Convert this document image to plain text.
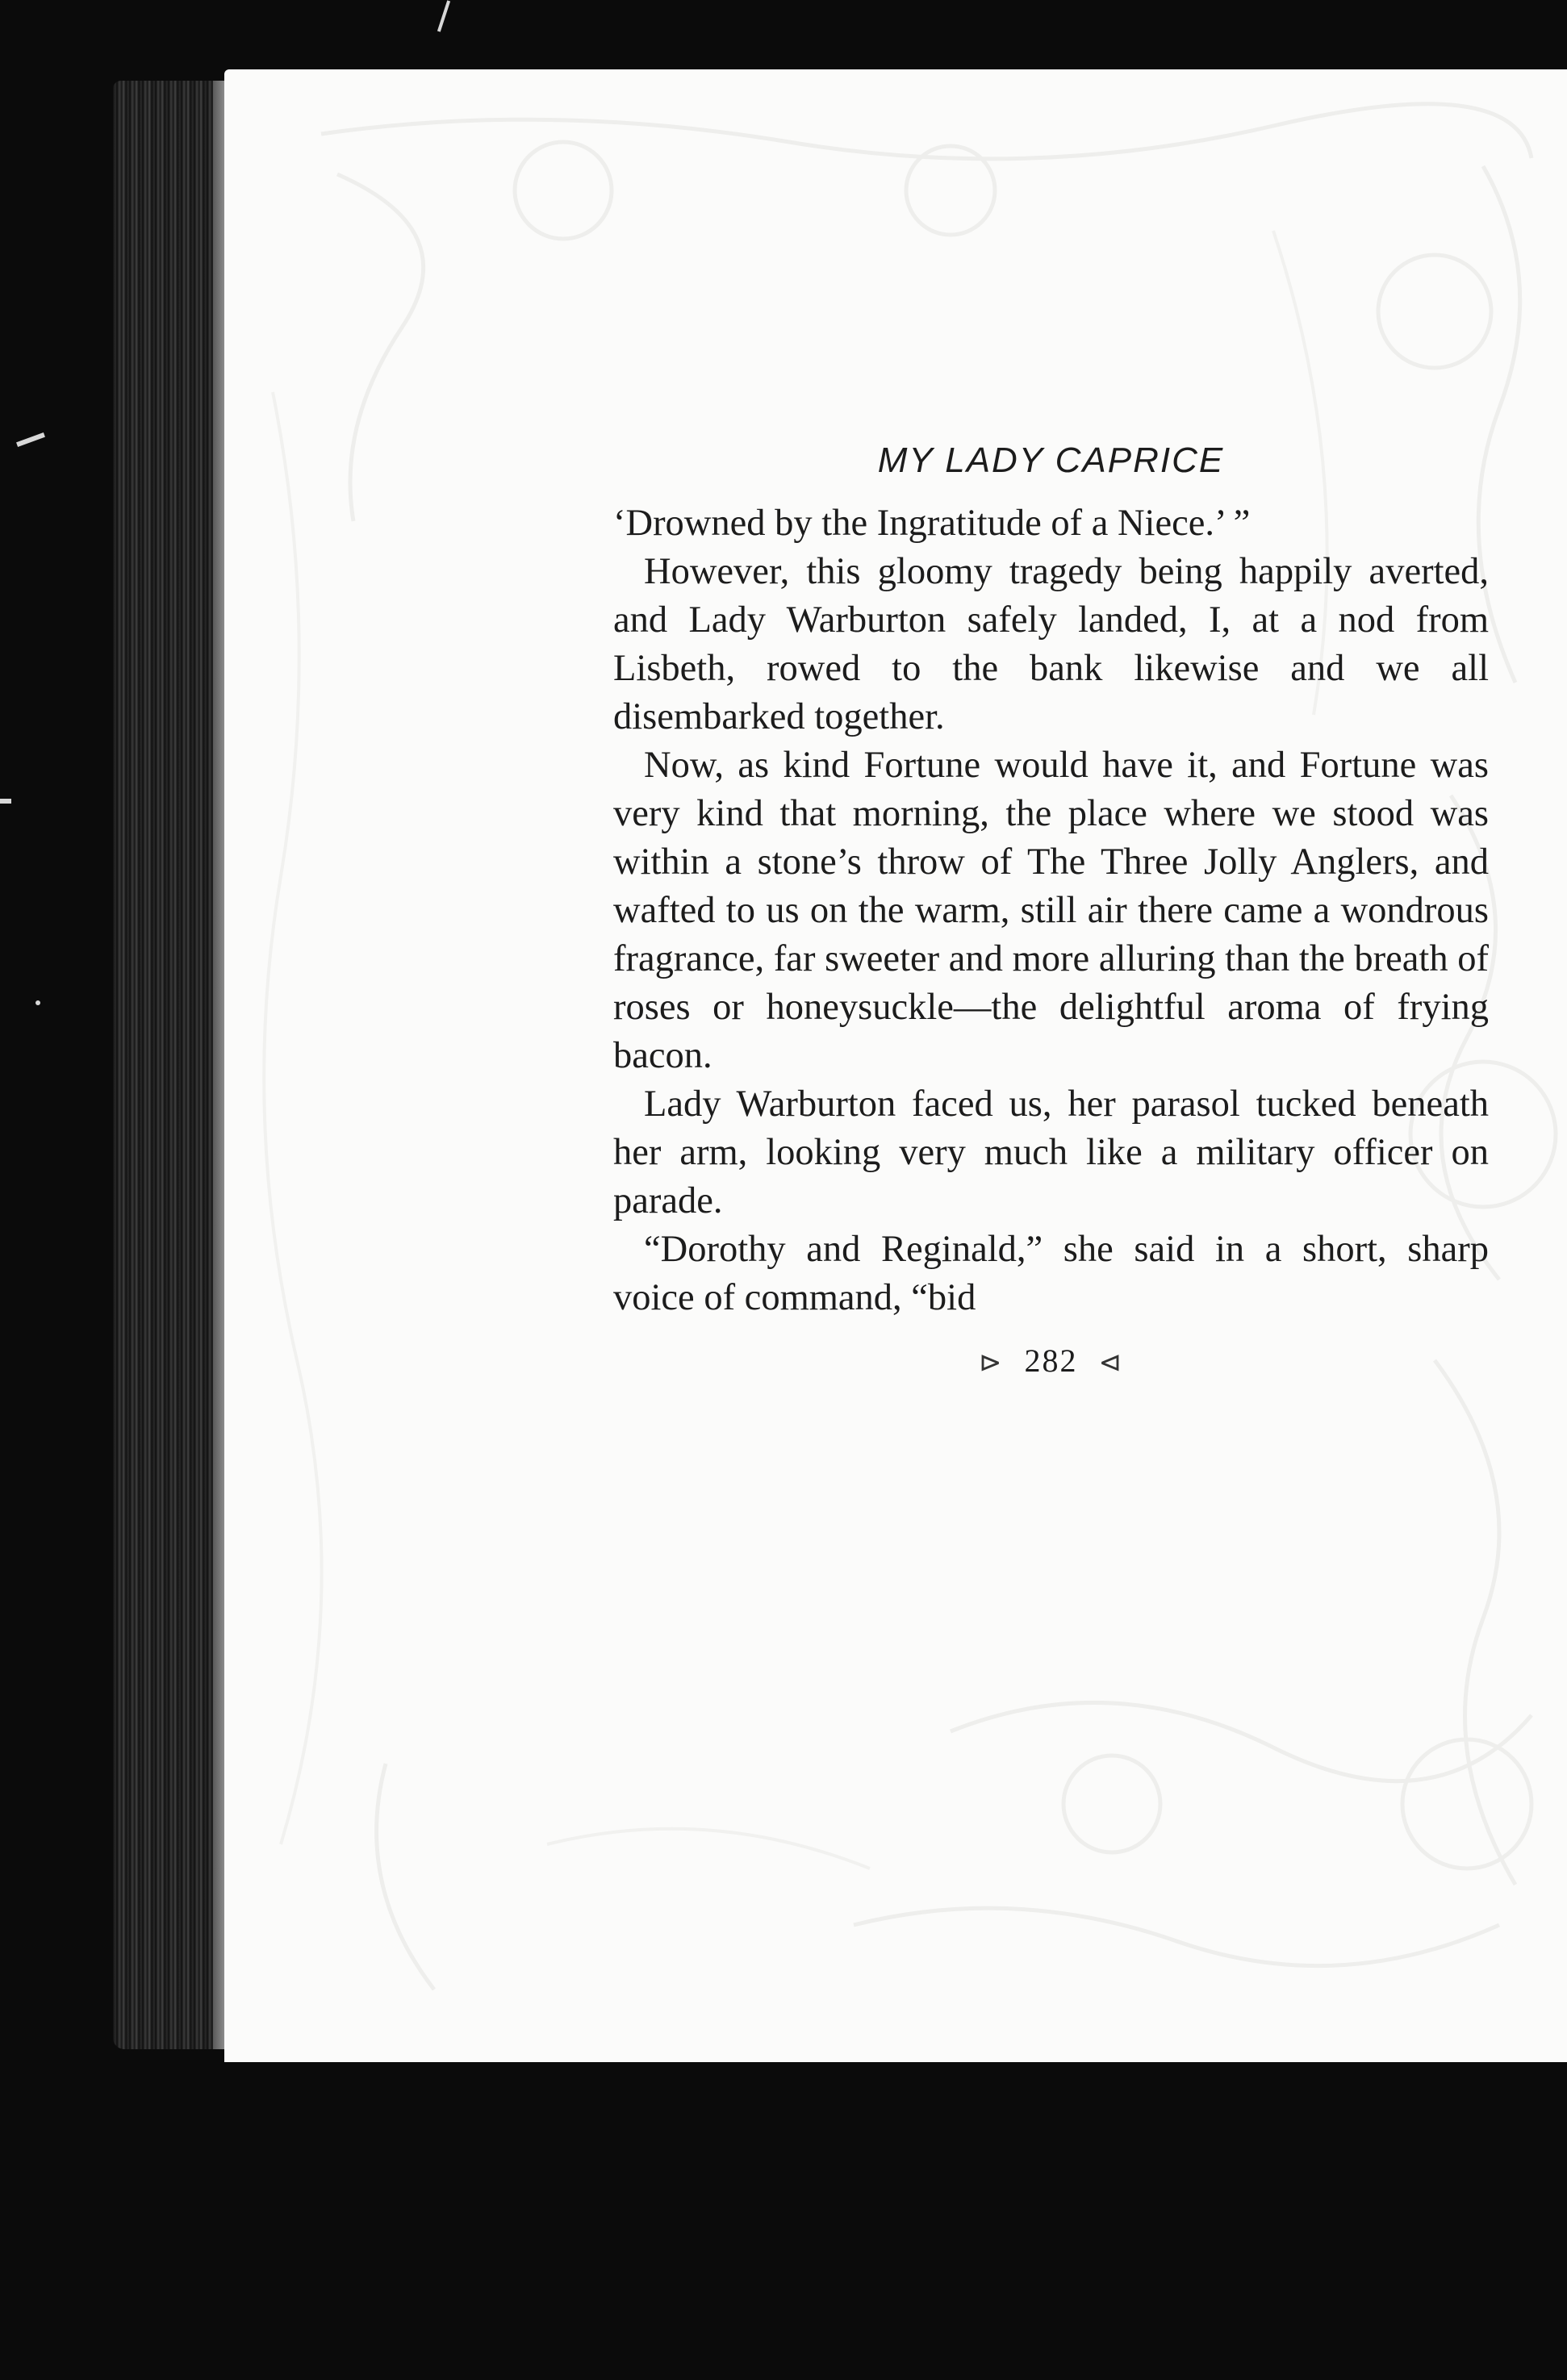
MY LADY CAPRICE

‘Drowned by the Ingratitude of a Niece.’ ”

However, this gloomy tragedy being happily averted, and Lady Warburton safely landed, I, at a nod from Lisbeth, rowed to the bank likewise and we all disembarked together.

Now, as kind Fortune would have it, and Fortune was very kind that morning, the place where we stood was within a stone’s throw of The Three Jolly Anglers, and wafted to us on the warm, still air there came a wondrous fragrance, far sweeter and more alluring than the breath of roses or honeysuckle—the delightful aroma of frying bacon.

Lady Warburton faced us, her parasol tucked beneath her arm, looking very much like a military officer on parade.

“Dorothy and Reginald,” she said in a short, sharp voice of command, “bid

⊳ 282 ⊲
